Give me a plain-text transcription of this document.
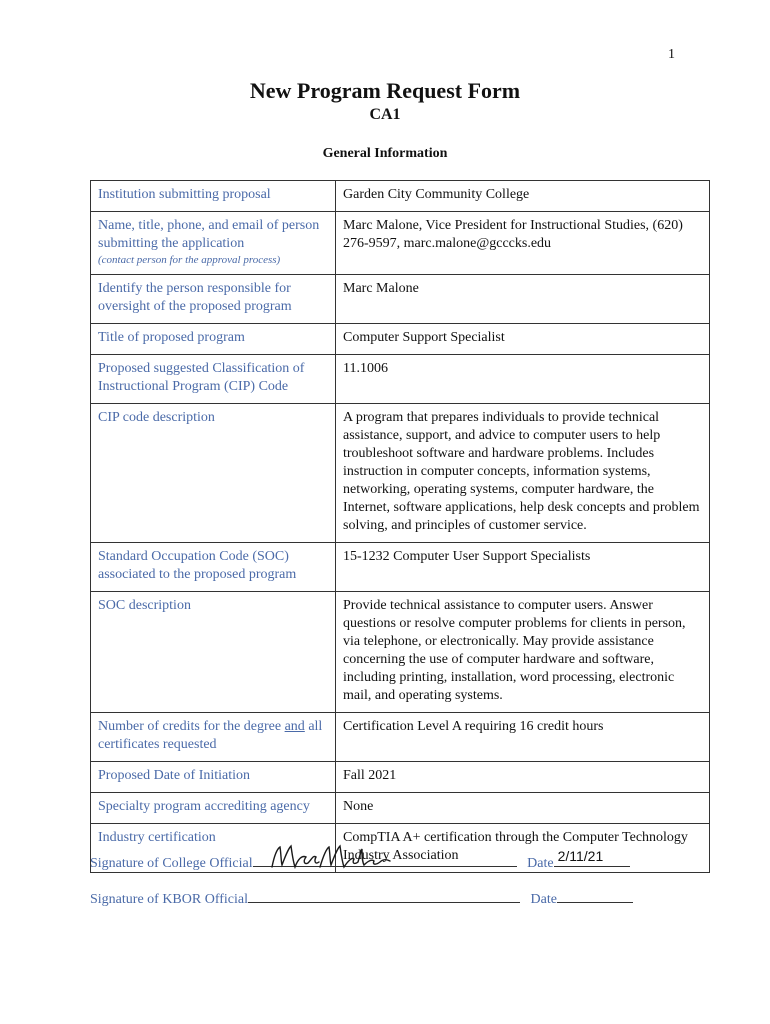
1
New Program Request Form
CA1
General Information
Institution submitting proposal	Garden City Community College
Name, title, phone, and email of person submitting the application
(contact person for the approval process)	Marc Malone, Vice President for Instructional Studies, (620) 276-9597, marc.malone@gcccks.edu
Identify the person responsible for oversight of the proposed program	Marc Malone
Title of proposed program	Computer Support Specialist
Proposed suggested Classification of Instructional Program (CIP) Code	11.1006
CIP code description	A program that prepares individuals to provide technical assistance, support, and advice to computer users to help troubleshoot software and hardware problems. Includes instruction in computer concepts, information systems, networking, operating systems, computer hardware, the Internet, software applications, help desk concepts and problem solving, and principles of customer service.
Standard Occupation Code (SOC) associated to the proposed program	15-1232 Computer User Support Specialists
SOC description	Provide technical assistance to computer users. Answer questions or resolve computer problems for clients in person, via telephone, or electronically. May provide assistance concerning the use of computer hardware and software, including printing, installation, word processing, electronic mail, and operating systems.
Number of credits for the degree and all certificates requested	Certification Level A requiring 16 credit hours
Proposed Date of Initiation	Fall 2021
Specialty program accrediting agency	None
Industry certification	CompTIA A+ certification through the Computer Technology Industry Association
Signature of College Official	Date 2/11/21
Signature of KBOR Official	Date
